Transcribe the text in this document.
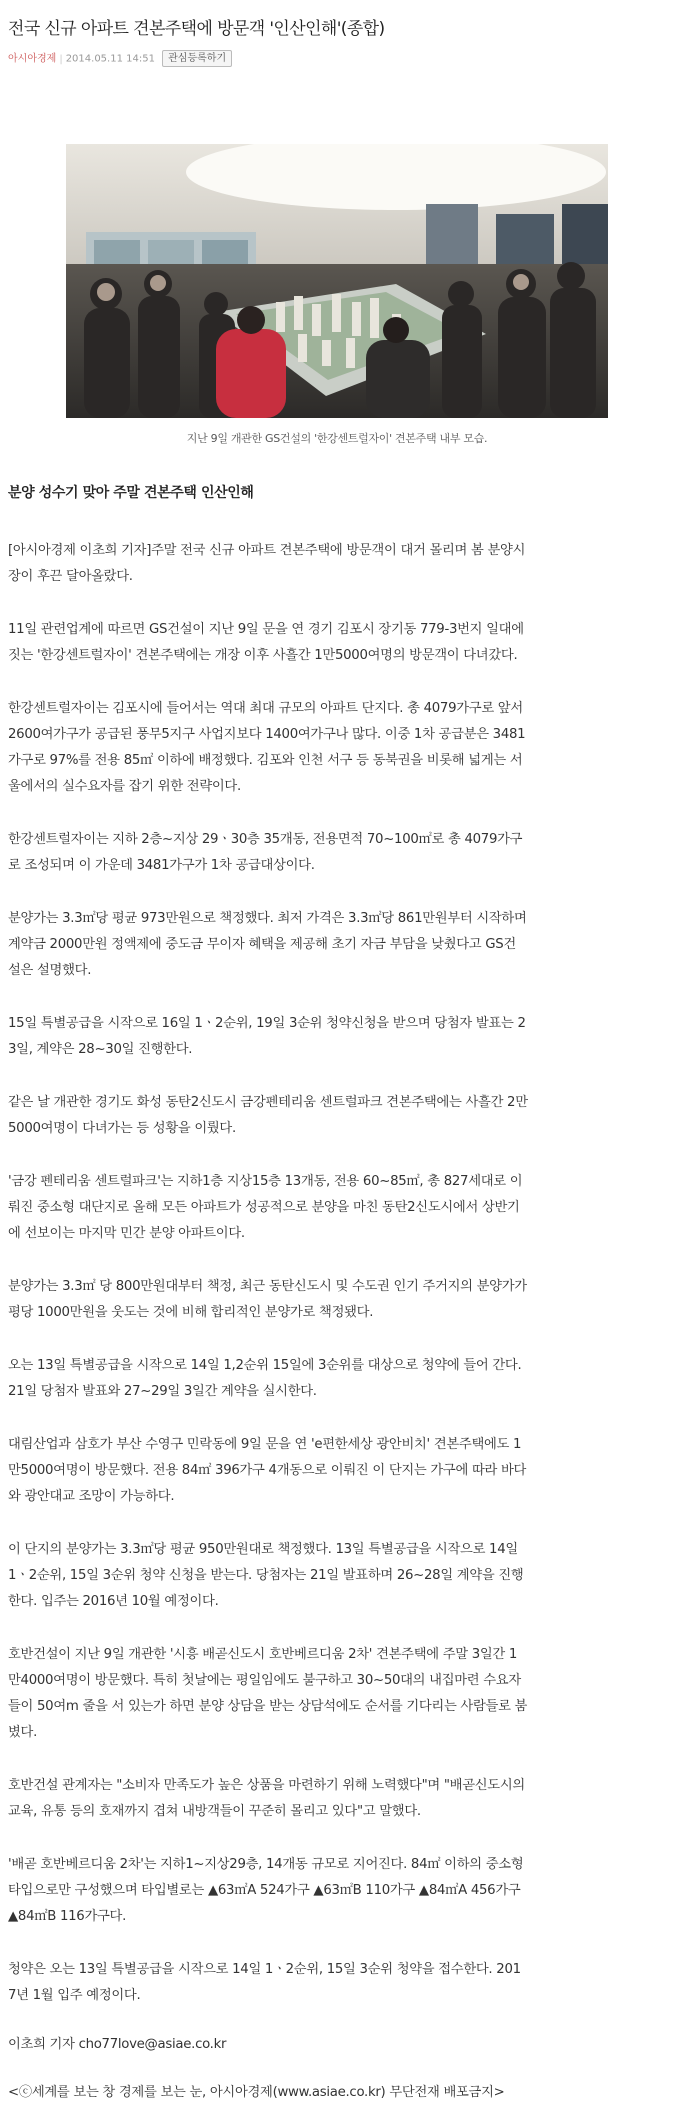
전국 신규 아파트 견본주택에 방문객 '인산인해'(종합)
아시아경제 | 2014.05.11 14:51 관심등록하기
지난 9일 개관한 GS건설의 '한강센트럴자이' 견본주택 내부 모습.
분양 성수기 맞아 주말 견본주택 인산인해

[아시아경제 이초희 기자]주말 전국 신규 아파트 견본주택에 방문객이 대거 몰리며 봄 분양시장이 후끈 달아올랐다.

11일 관련업계에 따르면 GS건설이 지난 9일 문을 연 경기 김포시 장기동 779-3번지 일대에 짓는 '한강센트럴자이' 견본주택에는 개장 이후 사흘간 1만5000여명의 방문객이 다녀갔다.

한강센트럴자이는 김포시에 들어서는 역대 최대 규모의 아파트 단지다. 총 4079가구로 앞서 2600여가구가 공급된 풍무5지구 사업지보다 1400여가구나 많다. 이중 1차 공급분은 3481가구로 97%를 전용 85㎡ 이하에 배정했다. 김포와 인천 서구 등 동북권을 비롯해 넓게는 서울에서의 실수요자를 잡기 위한 전략이다.

한강센트럴자이는 지하 2층~지상 29ㆍ30층 35개동, 전용면적 70~100㎡로 총 4079가구로 조성되며 이 가운데 3481가구가 1차 공급대상이다.

분양가는 3.3㎡당 평균 973만원으로 책정했다. 최저 가격은 3.3㎡당 861만원부터 시작하며 계약금 2000만원 정액제에 중도금 무이자 혜택을 제공해 초기 자금 부담을 낮췄다고 GS건설은 설명했다.

15일 특별공급을 시작으로 16일 1ㆍ2순위, 19일 3순위 청약신청을 받으며 당첨자 발표는 23일, 계약은 28~30일 진행한다.

같은 날 개관한 경기도 화성 동탄2신도시 금강펜테리움 센트럴파크 견본주택에는 사흘간 2만5000여명이 다녀가는 등 성황을 이뤘다.

'금강 펜테리움 센트럴파크'는 지하1층 지상15층 13개동, 전용 60~85㎡, 총 827세대로 이뤄진 중소형 대단지로 올해 모든 아파트가 성공적으로 분양을 마친 동탄2신도시에서 상반기에 선보이는 마지막 민간 분양 아파트이다.

분양가는 3.3㎡ 당 800만원대부터 책정, 최근 동탄신도시 및 수도권 인기 주거지의 분양가가 평당 1000만원을 웃도는 것에 비해 합리적인 분양가로 책정됐다.

오는 13일 특별공급을 시작으로 14일 1,2순위 15일에 3순위를 대상으로 청약에 들어 간다. 21일 당첨자 발표와 27~29일 3일간 계약을 실시한다.

대림산업과 삼호가 부산 수영구 민락동에 9일 문을 연 'e편한세상 광안비치' 견본주택에도 1만5000여명이 방문했다. 전용 84㎡ 396가구 4개동으로 이뤄진 이 단지는 가구에 따라 바다와 광안대교 조망이 가능하다.

이 단지의 분양가는 3.3㎡당 평균 950만원대로 책정했다. 13일 특별공급을 시작으로 14일 1ㆍ2순위, 15일 3순위 청약 신청을 받는다. 당첨자는 21일 발표하며 26~28일 계약을 진행한다. 입주는 2016년 10월 예정이다.

호반건설이 지난 9일 개관한 '시흥 배곧신도시 호반베르디움 2차' 견본주택에 주말 3일간 1만4000여명이 방문했다. 특히 첫날에는 평일임에도 불구하고 30~50대의 내집마련 수요자들이 50여m 줄을 서 있는가 하면 분양 상담을 받는 상담석에도 순서를 기다리는 사람들로 붐볐다.

호반건설 관계자는 "소비자 만족도가 높은 상품을 마련하기 위해 노력했다"며 "배곧신도시의 교육, 유통 등의 호재까지 겹쳐 내방객들이 꾸준히 몰리고 있다"고 말했다.

'배곧 호반베르디움 2차'는 지하1~지상29층, 14개동 규모로 지어진다. 84㎡ 이하의 중소형 타입으로만 구성했으며 타입별로는 ▲63㎡A 524가구 ▲63㎡B 110가구 ▲84㎡A 456가구 ▲84㎡B 116가구다.

청약은 오는 13일 특별공급을 시작으로 14일 1ㆍ2순위, 15일 3순위 청약을 접수한다. 2017년 1월 입주 예정이다.

이초희 기자 cho77love@asiae.co.kr
<ⓒ세계를 보는 창 경제를 보는 눈, 아시아경제(www.asiae.co.kr) 무단전재 배포금지>
